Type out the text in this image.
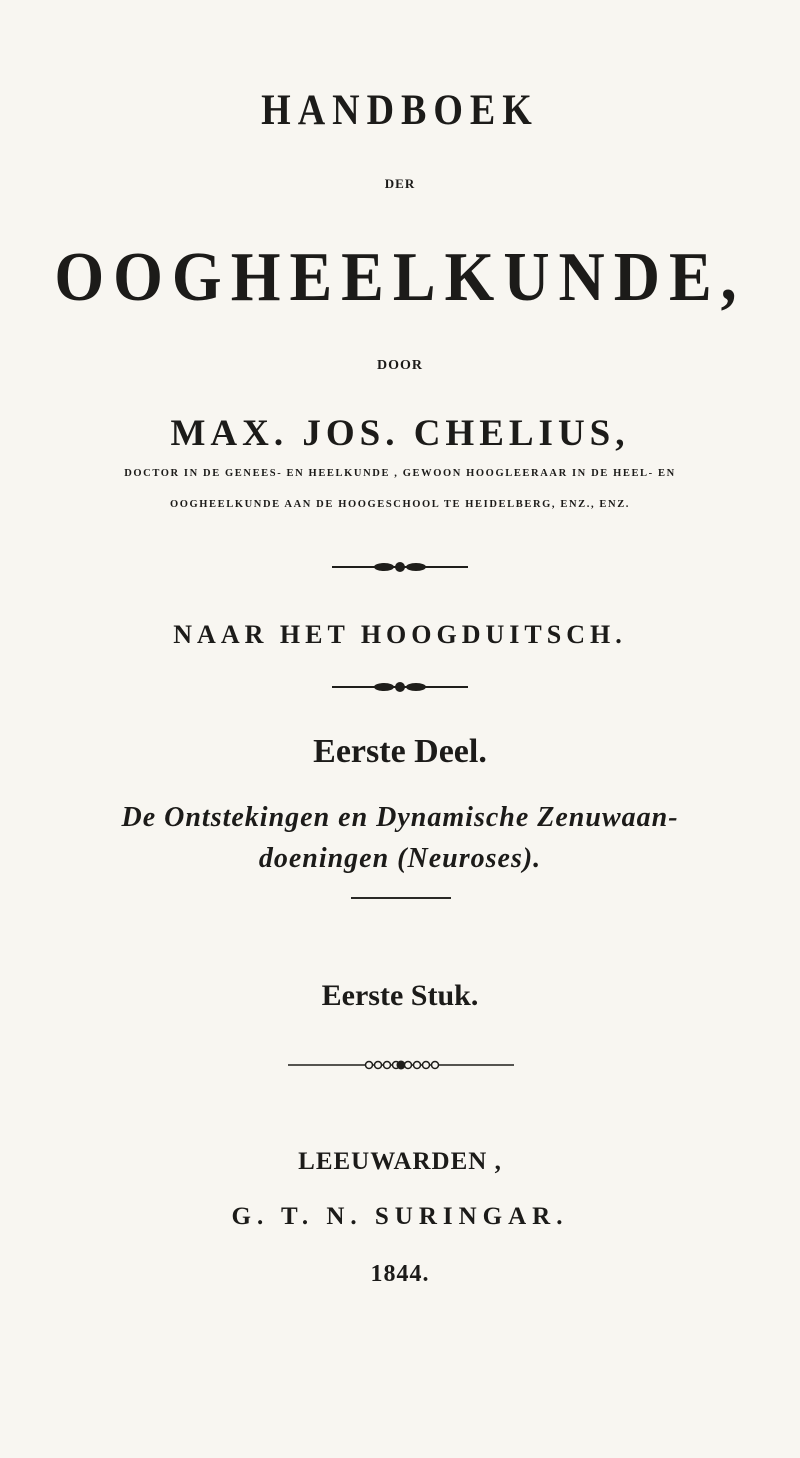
HANDBOEK
DER
OOGHEELKUNDE,
DOOR
MAX. JOS. CHELIUS,
DOCTOR IN DE GENEES- EN HEELKUNDE , GEWOON HOOGLEERAAR IN DE HEEL- EN
OOGHEELKUNDE AAN DE HOOGESCHOOL TE HEIDELBERG, ENZ., ENZ.
NAAR HET HOOGDUITSCH.
Eerste Deel.
De Ontstekingen en Dynamische Zenuwaan-
doeningen (Neuroses).
Eerste Stuk.
LEEUWARDEN ,
G. T. N. SURINGAR.
1844.
